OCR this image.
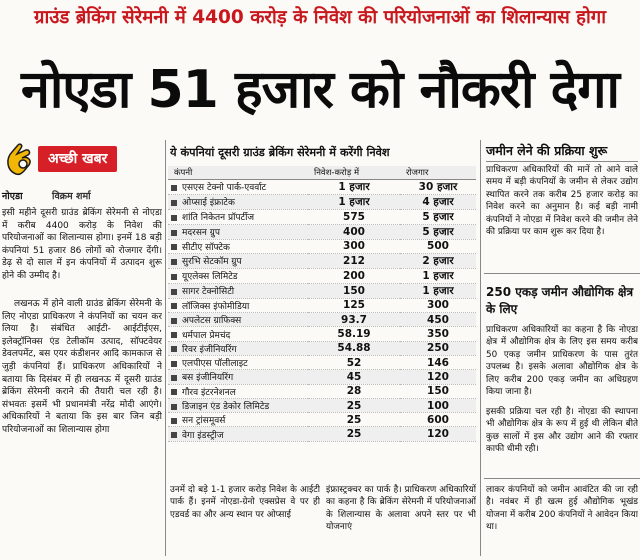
ग्राउंड ब्रेकिंग सेरेमनी में 4400 करोड़ के निवेश की परियोजनाओं का शिलान्यास होगा
नोएडा 51 हजार को नौकरी देगा
अच्छी खबर
नोएडा	विक्रम शर्मा
इसी महीने दूसरी ग्राउंड ब्रेकिंग सेरेमनी से नोएडा में करीब 4400 करोड़ के निवेश की परियोजनाओं का शिलान्यास होगा। इनमें 18 बड़ी कंपनियां 51 हजार 86 लोगों को रोजगार देंगी। डेढ़ से दो साल में इन कंपनियों में उत्पादन शुरू होने की उम्मीद है।
लखनऊ में होने वाली ग्राउंड ब्रेकिंग सेरेमनी के लिए नोएडा प्राधिकरण ने कंपनियों का चयन कर लिया है। संबंधित आईटी- आईटीईएस, इलेक्ट्रॉनिक्स एंड टेलीकॉम उत्पाद, सॉफ्टवेयर डेवलपमेंट, बस एयर कंडीशनर आदि कामकाज से जुड़ी कंपनियां हैं। प्राधिकरण अधिकारियों ने बताया कि दिसंबर में ही लखनऊ में दूसरी ग्राउंड ब्रेकिंग सेरेमनी कराने की तैयारी चल रही है। संभवतः इसमें भी प्रधानमंत्री नरेंद्र मोदी आएंगे। अधिकारियों ने बताया कि इस बार जिन बड़ी परियोजनाओं का शिलान्यास होगा
ये कंपनियां दूसरी ग्राउंड ब्रेकिंग सेरेमनी में करेंगी निवेश
कंपनी	निवेश-करोड़ में	रोजगार
एसएस टेक्नो पार्क-एवर्वाट	1 हजार	30 हजार
ओप्साई इंफ्राटेक	1 हजार	4 हजार
शांति निकेतन प्रॉपर्टीज	575	5 हजार
मदरसन ग्रुप	400	5 हजार
सीटीए सॉफ्टेक	300	500
सुरभि सेटकॉम ग्रुप	212	2 हजार
यूएलेक्स लिमिटेड	200	1 हजार
सागर टेक्नोसिटी	150	1 हजार
लॉजिक्स इंफोमीडिया	125	300
अपलेटस ग्राफिक्स	93.7	450
धर्मपाल प्रेमचंद	58.19	350
रिवर इंजीनियरिंग	54.88	250
एलपीएस पॉलीलाइट	52	146
बस इंजीनियरिंग	45	120
गौरव इंटरनेशनल	28	150
डिजाइन एंड डेकोर लिमिटेड	25	100
सन ट्रांसमूवर्स	25	600
वेगा इंडस्ट्रीज	25	120
उनमें दो बड़े 1-1 हजार करोड़ निवेश के आईटी पार्क हैं। इनमें नोएडा-ग्रेनो एक्सप्रेस वे पर ही एडवर्ड का और अन्य स्थान पर ओप्साई
इंफ्रास्ट्रक्चर का पार्क है। प्राधिकरण अधिकारियों का कहना है कि ब्रेकिंग सेरेमनी में परियोजनाओं के शिलान्यास के अलावा अपने स्तर पर भी योजनाएं
जमीन लेने की प्रक्रिया शुरू
प्राधिकरण अधिकारियों की मानें तो आने वाले समय में बड़ी कंपनियों के जमीन से लेकर उद्योग स्थापित करने तक करीब 25 हजार करोड़ का निवेश करने का अनुमान है। कई बड़ी नामी कंपनियों ने नोएडा में निवेश करने की जमीन लेने की प्रक्रिया पर काम शुरू कर दिया है।
250 एकड़ जमीन औद्योगिक क्षेत्र के लिए
प्राधिकरण अधिकारियों का कहना है कि नोएडा क्षेत्र में औद्योगिक क्षेत्र के लिए इस समय करीब 50 एकड़ जमीन प्राधिकरण के पास तुरंत उपलब्ध है। इसके अलावा औद्योगिक क्षेत्र के लिए करीब 200 एकड़ जमीन का अधिग्रहण किया जाना है।
इसकी प्रक्रिया चल रही है। नोएडा की स्थापना भी औद्योगिक क्षेत्र के रूप में हुई थी लेकिन बीते कुछ सालों में इस और उद्योग आने की रफ्तार काफी धीमी रही।
लाकर कंपनियों को जमीन आवंटित की जा रही है। नवंबर में ही खत्म हुई औद्योगिक भूखंड योजना में करीब 200 कंपनियों ने आवेदन किया था।
